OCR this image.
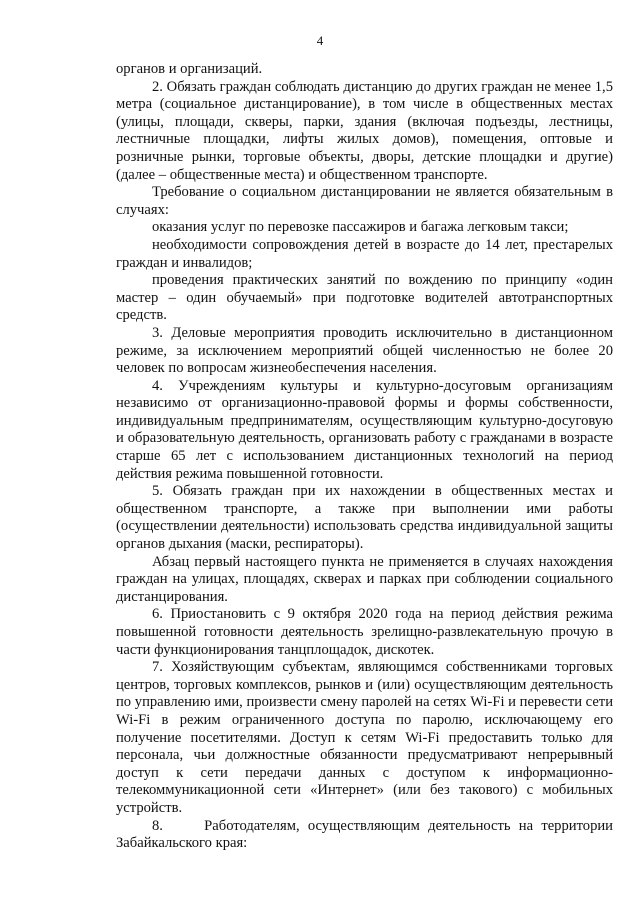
4

органов и организаций.

2. Обязать граждан соблюдать дистанцию до других граждан не менее 1,5 метра (социальное дистанцирование), в том числе в общественных местах (улицы, площади, скверы, парки, здания (включая подъезды, лестницы, лестничные площадки, лифты жилых домов), помещения, оптовые и розничные рынки, торговые объекты, дворы, детские площадки и другие) (далее – общественные места) и общественном транспорте.

Требование о социальном дистанцировании не является обязательным в случаях:

оказания услуг по перевозке пассажиров и багажа легковым такси;

необходимости сопровождения детей в возрасте до 14 лет, престарелых граждан и инвалидов;

проведения практических занятий по вождению по принципу «один мастер – один обучаемый» при подготовке водителей автотранспортных средств.

3. Деловые мероприятия проводить исключительно в дистанционном режиме, за исключением мероприятий общей численностью не более 20 человек по вопросам жизнеобеспечения населения.

4. Учреждениям культуры и культурно-досуговым организациям независимо от организационно-правовой формы и формы собственности, индивидуальным предпринимателям, осуществляющим культурно-досуговую и образовательную деятельность, организовать работу с гражданами в возрасте старше 65 лет с использованием дистанционных технологий на период действия режима повышенной готовности.

5. Обязать граждан при их нахождении в общественных местах и общественном транспорте, а также при выполнении ими работы (осуществлении деятельности) использовать средства индивидуальной защиты органов дыхания (маски, респираторы).

Абзац первый настоящего пункта не применяется в случаях нахождения граждан на улицах, площадях, скверах и парках при соблюдении социального дистанцирования.

6. Приостановить с 9 октября 2020 года на период действия режима повышенной готовности деятельность зрелищно-развлекательную прочую в части функционирования танцплощадок, дискотек.

7. Хозяйствующим субъектам, являющимся собственниками торговых центров, торговых комплексов, рынков и (или) осуществляющим деятельность по управлению ими, произвести смену паролей на сетях Wi-Fi и перевести сети Wi-Fi в режим ограниченного доступа по паролю, исключающему его получение посетителями. Доступ к сетям Wi-Fi предоставить только для персонала, чьи должностные обязанности предусматривают непрерывный доступ к сети передачи данных с доступом к информационно-телекоммуникационной сети «Интернет» (или без такового) с мобильных устройств.

8.     Работодателям, осуществляющим деятельность на территории Забайкальского края:
